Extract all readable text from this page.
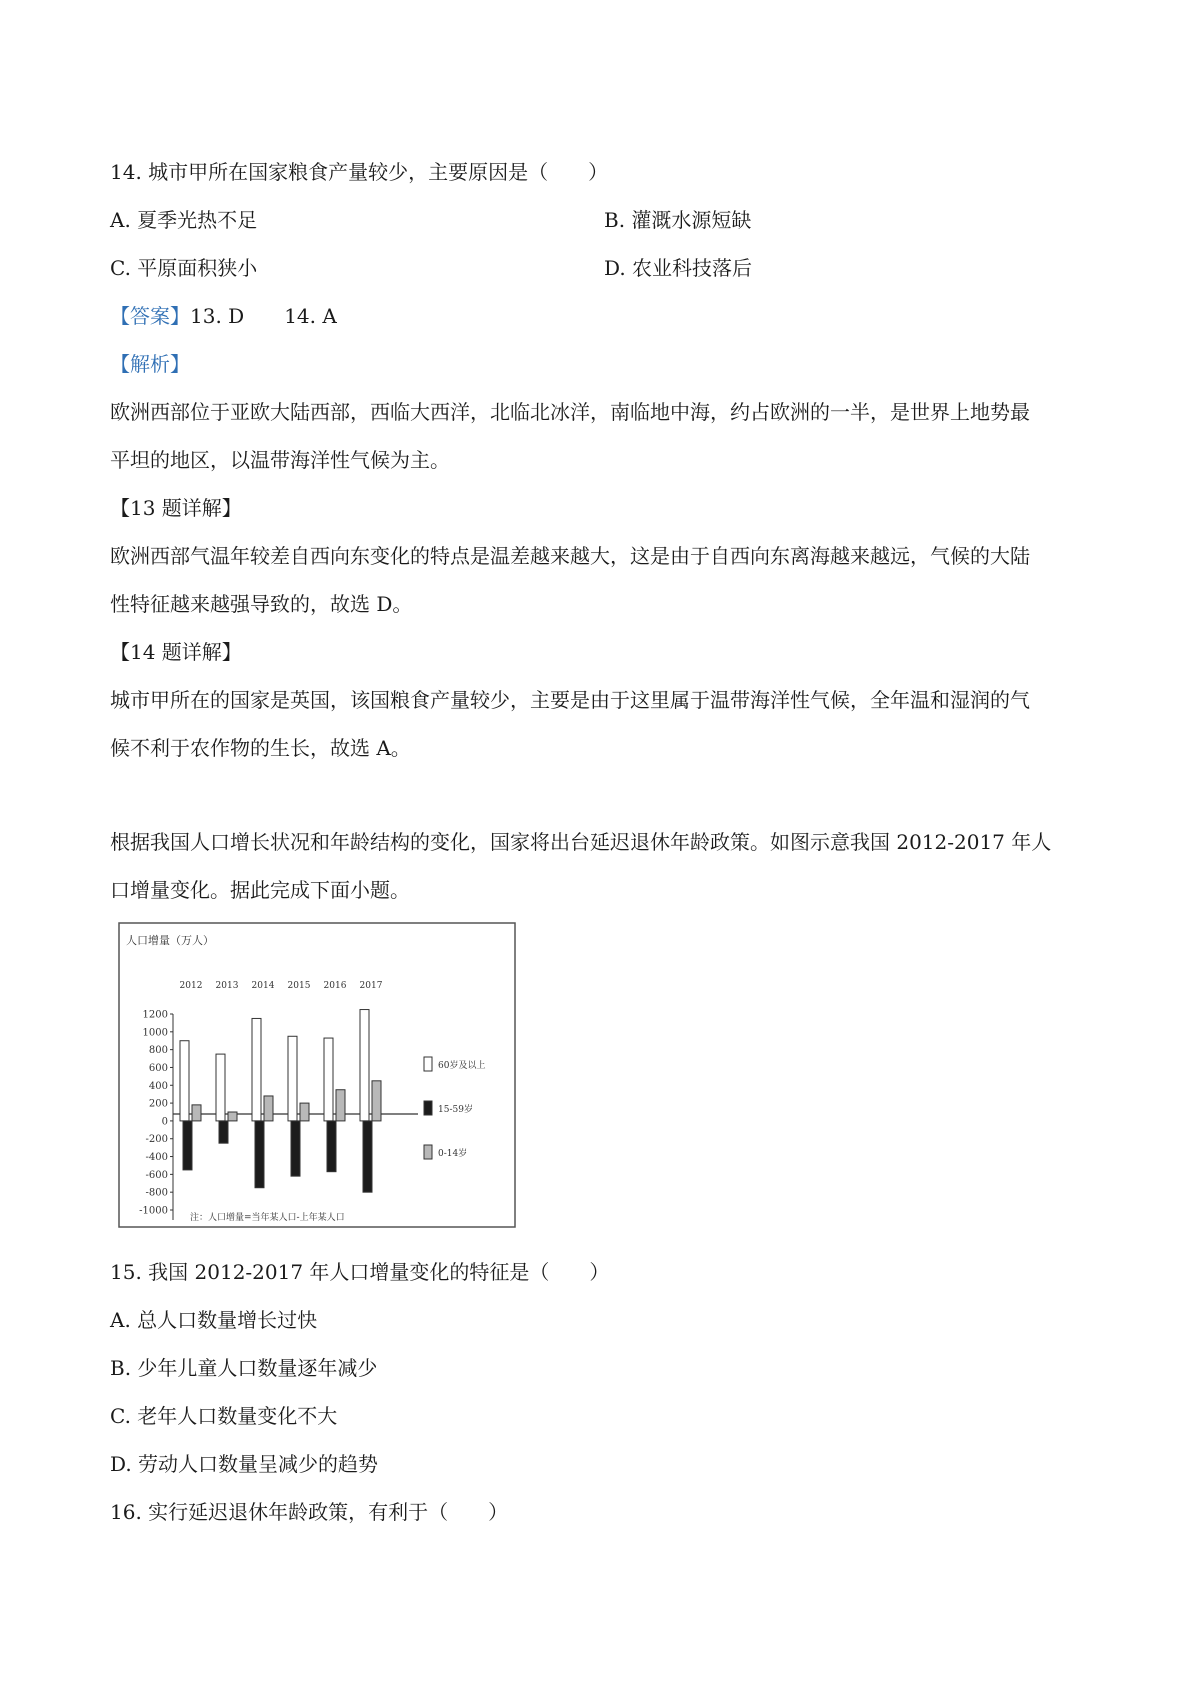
14. 城市甲所在国家粮食产量较少，主要原因是（　　）
A. 夏季光热不足	B. 灌溉水源短缺
C. 平原面积狭小	D. 农业科技落后
【答案】13. D　　14. A
【解析】
欧洲西部位于亚欧大陆西部，西临大西洋，北临北冰洋，南临地中海，约占欧洲的一半，是世界上地势最
平坦的地区，以温带海洋性气候为主。
【13 题详解】
欧洲西部气温年较差自西向东变化的特点是温差越来越大，这是由于自西向东离海越来越远，气候的大陆
性特征越来越强导致的，故选 D。
【14 题详解】
城市甲所在的国家是英国，该国粮食产量较少，主要是由于这里属于温带海洋性气候，全年温和湿润的气
候不利于农作物的生长，故选 A。
根据我国人口增长状况和年龄结构的变化，国家将出台延迟退休年龄政策。如图示意我国 2012-2017 年人
口增量变化。据此完成下面小题。
人口增量（万人）
1200
1000
800
600
400
200
0
-200
-400
-600
-800
-1000
2012 2013 2014 2015 2016 2017
60岁及以上
15-59岁
0-14岁
注：人口增量=当年某人口-上年某人口
15. 我国 2012-2017 年人口增量变化的特征是（　　）
A. 总人口数量增长过快
B. 少年儿童人口数量逐年减少
C. 老年人口数量变化不大
D. 劳动人口数量呈减少的趋势
16. 实行延迟退休年龄政策，有利于（　　）
